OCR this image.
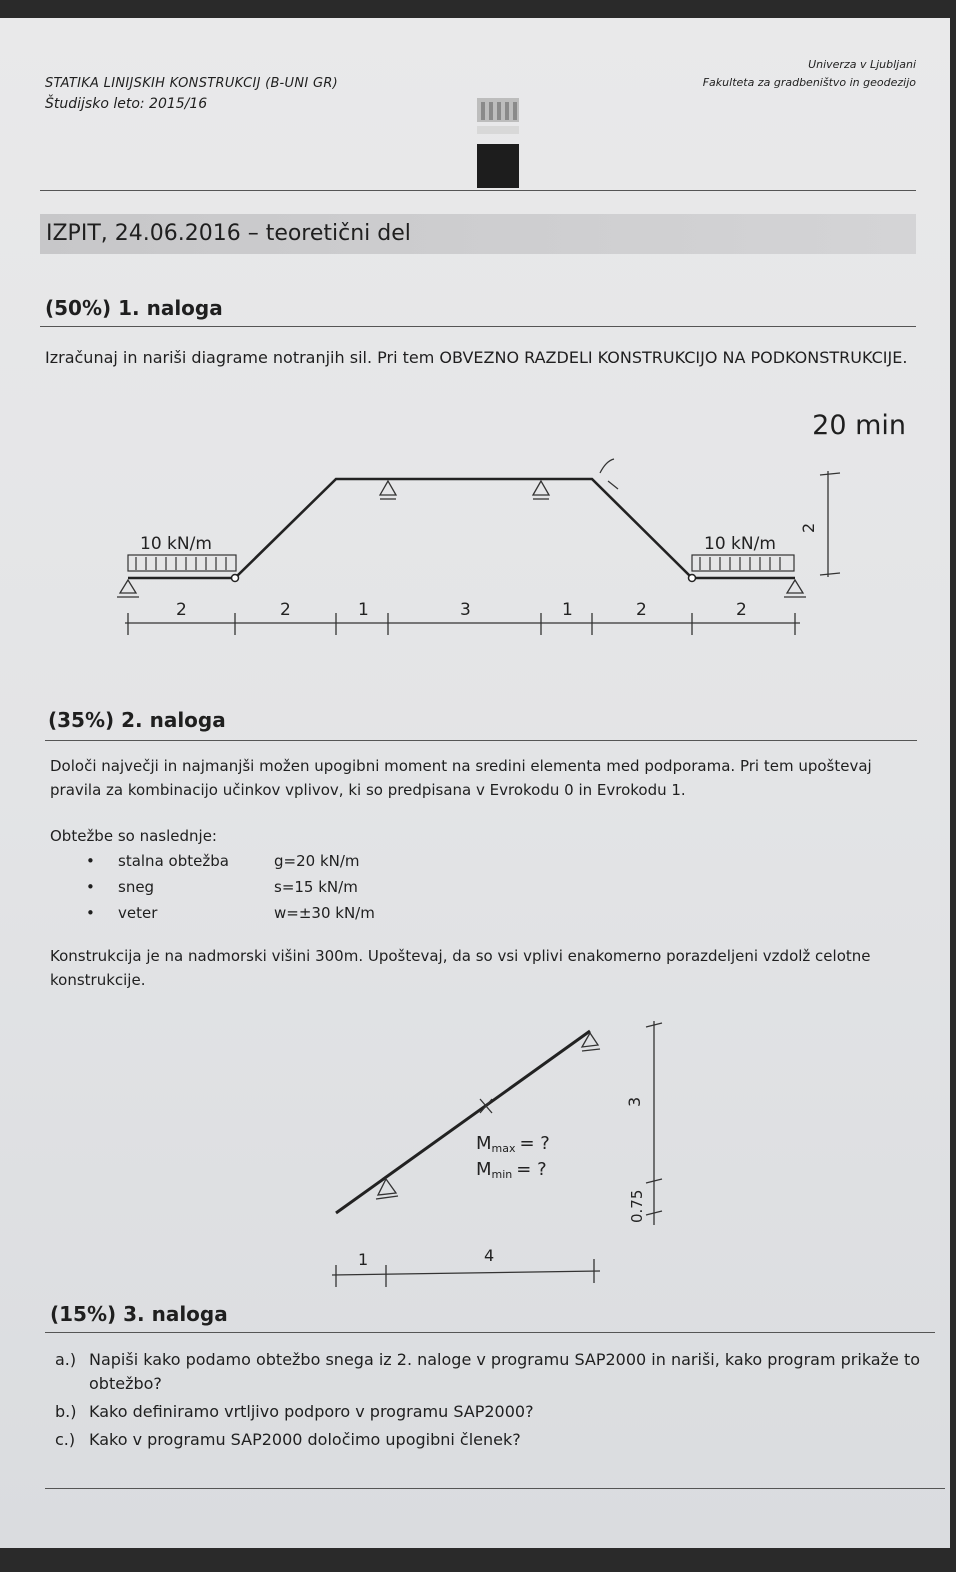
STATIKA LINIJSKIH KONSTRUKCIJ (B-UNI GR)
Študijsko leto: 2015/16
Univerza v Ljubljani
Fakulteta za gradbeništvo in geodezijo
IZPIT, 24.06.2016 – teoretični del
(50%) 1. naloga
Izračunaj in nariši diagrame notranjih sil. Pri tem OBVEZNO RAZDELI KONSTRUKCIJO NA PODKONSTRUKCIJE.
20 min
10 kN/m	10 kN/m
2
2	2	1	3	1	2	2
(35%) 2. naloga
Določi največji in najmanjši možen upogibni moment na sredini elementa med podporama. Pri tem upoštevaj pravila za kombinacijo učinkov vplivov, ki so predpisana v Evrokodu 0 in Evrokodu 1.
Obtežbe so naslednje:
• stalna obtežba	g=20 kN/m
• sneg	s=15 kN/m
• veter	w=±30 kN/m
Konstrukcija je na nadmorski višini 300m. Upoštevaj, da so vsi vplivi enakomerno porazdeljeni vzdolž celotne konstrukcije.
Mmax = ?
Mmin = ?
3
0.75
1	4
(15%) 3. naloga
a.) Napiši kako podamo obtežbo snega iz 2. naloge v programu SAP2000 in nariši, kako program prikaže to
obtežbo?
b.) Kako definiramo vrtljivo podporo v programu SAP2000?
c.) Kako v programu SAP2000 določimo upogibni členek?
